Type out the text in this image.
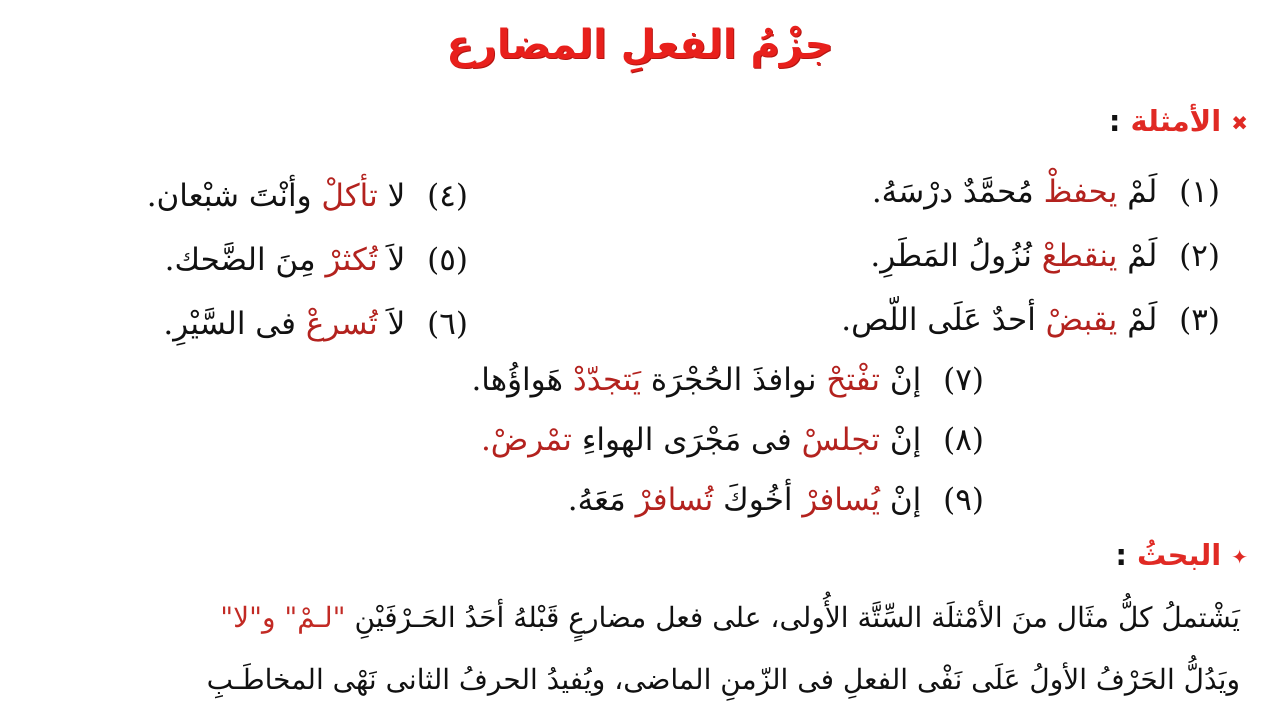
جزْمُ الفعلِ المضارع
✖الأمثلة:
(١) لَمْ يحفظْ مُحمَّدٌ درْسَهُ.
(٢) لَمْ ينقطعْ نُزُولُ المَطَرِ.
(٣) لَمْ يقبضْ أحدٌ عَلَى اللّص.
(٤) لا تأكلْ وأنْتَ شبْعان.
(٥) لاَ تُكثرْ مِنَ الضَّحك.
(٦) لاَ تُسرعْ فى السَّيْرِ.
(٧) إنْ تفْتحْ نوافذَ الحُجْرَة يَتجدّدْ هَواؤُها.
(٨) إنْ تجلسْ فى مَجْرَى الهواءِ تمْرضْ.
(٩) إنْ يُسافرْ أخُوكَ تُسافرْ مَعَهُ.
✦البحثُ:
يَشْتملُ كلُّ مثَال منَ الأمْثلَة السِّتَّة الأُولى، على فعل مضارعٍ قَبْلهُ أحَدُ الحَـرْفَيْنِ "لـمْ" و"لا"
ويَدُلُّ الحَرْفُ الأولُ عَلَى نَفْى الفعلِ فى الزّمنِ الماضى، ويُفيدُ الحرفُ الثانى نَهْى المخاطَـبِ
